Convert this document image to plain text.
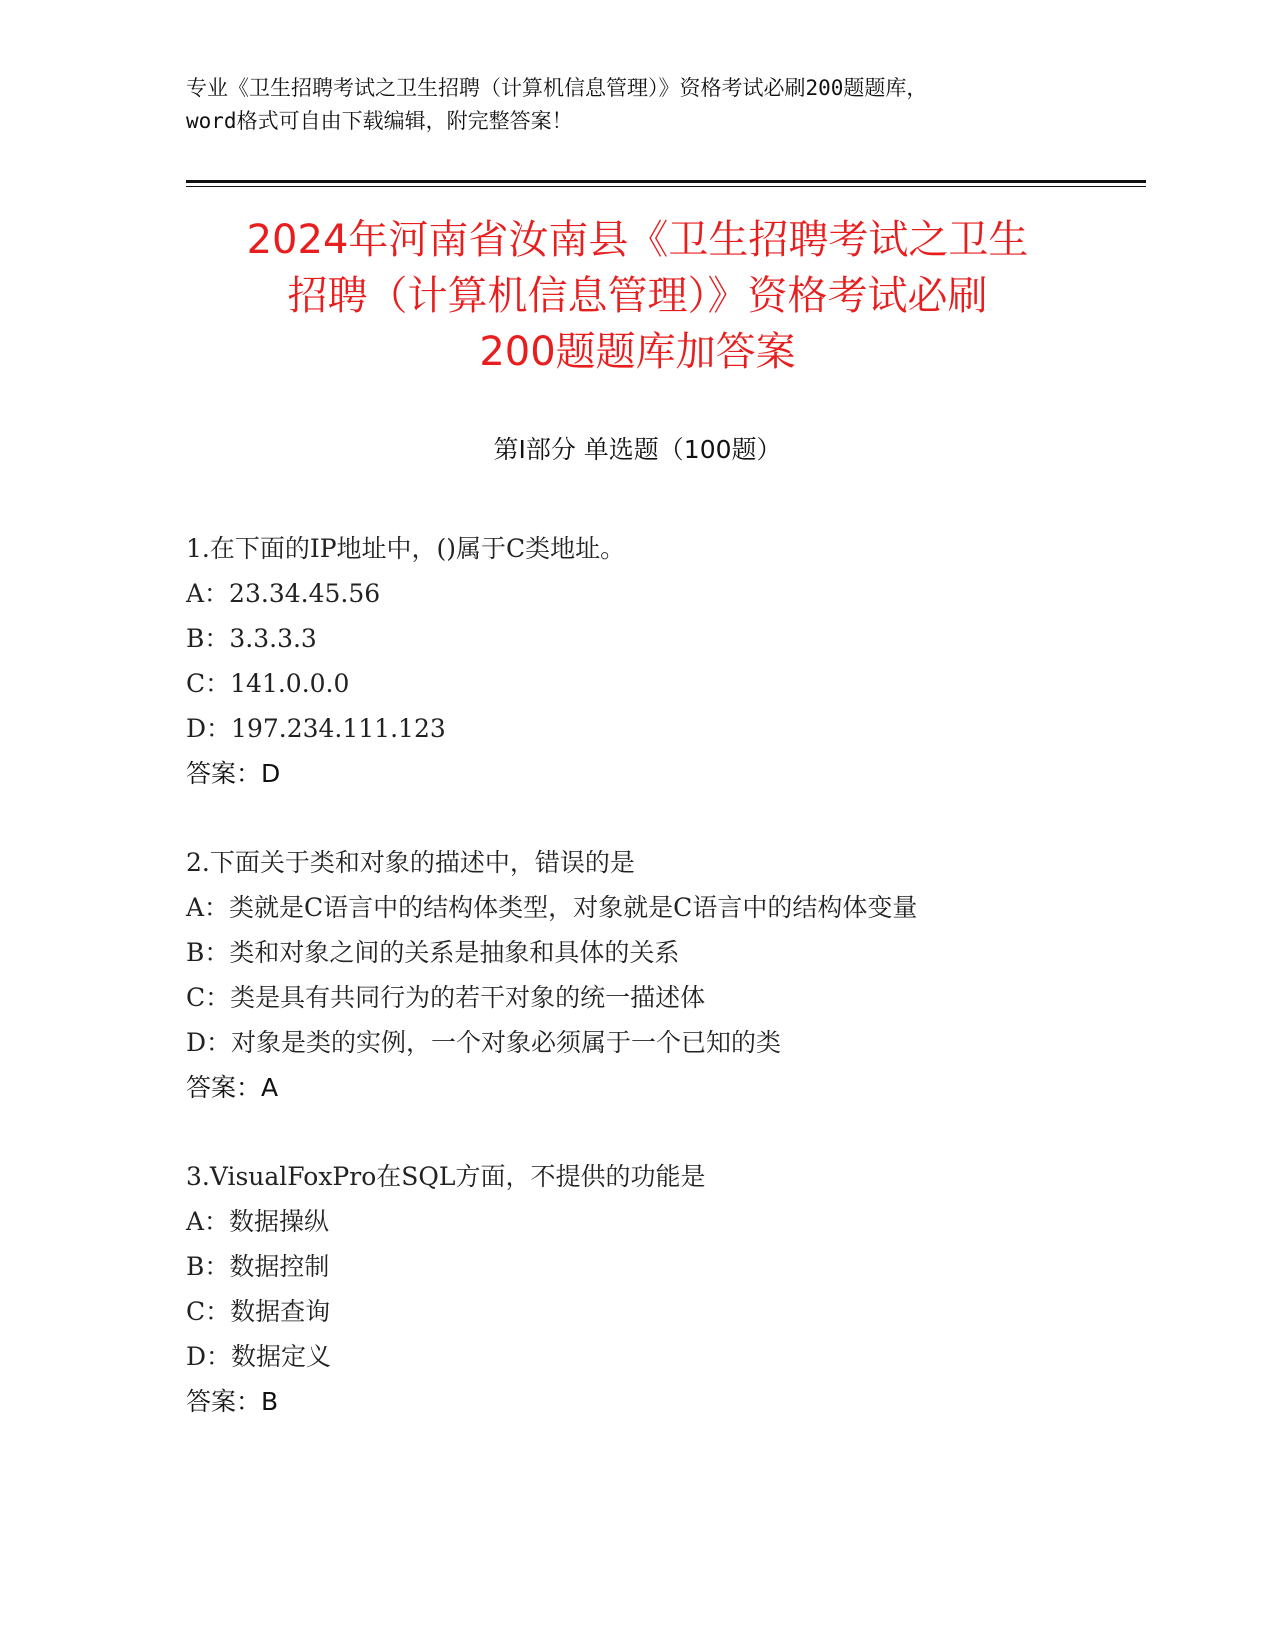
专业《卫生招聘考试之卫生招聘（计算机信息管理）》资格考试必刷200题题库，
word格式可自由下载编辑，附完整答案！
2024年河南省汝南县《卫生招聘考试之卫生
招聘（计算机信息管理）》资格考试必刷
200题题库加答案
第Ⅰ部分 单选题（100题）
1.在下面的IP地址中，()属于C类地址。
A：23.34.45.56
B：3.3.3.3
C：141.0.0.0
D：197.234.111.123
答案：D
2.下面关于类和对象的描述中，错误的是
A：类就是C语言中的结构体类型，对象就是C语言中的结构体变量
B：类和对象之间的关系是抽象和具体的关系
C：类是具有共同行为的若干对象的统一描述体
D：对象是类的实例，一个对象必须属于一个已知的类
答案：A
3.VisualFoxPro在SQL方面，不提供的功能是
A：数据操纵
B：数据控制
C：数据查询
D：数据定义
答案：B
